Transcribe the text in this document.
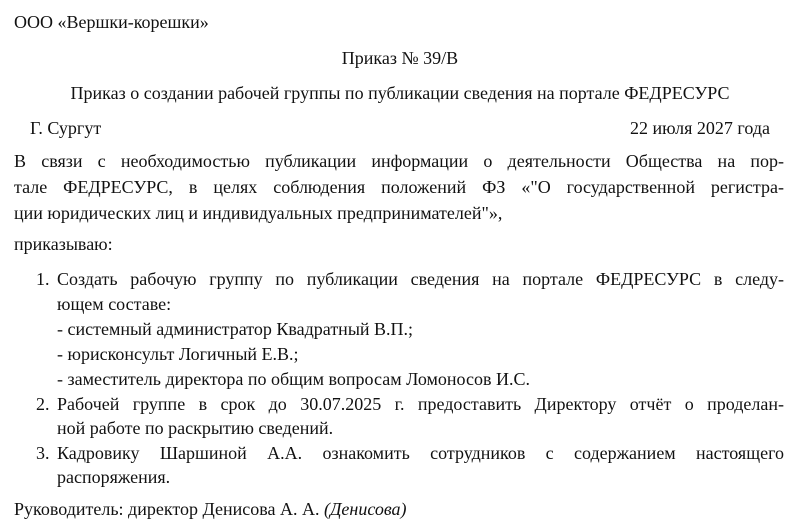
ООО «Вершки-корешки»
Приказ № 39/В
Приказ о создании рабочей группы по публикации сведения на портале ФЕДРЕСУРС
Г. Сургут	22 июля 2027 года
В связи с необходимостью публикации информации о деятельности Общества на пор-
тале ФЕДРЕСУРС, в целях соблюдения положений ФЗ «"О государственной регистра-
ции юридических лиц и индивидуальных предпринимателей"»,
приказываю:
1. Создать рабочую группу по публикации сведения на портале ФЕДРЕСУРС в следу-
ющем составе:
- системный администратор Квадратный В.П.;
- юрисконсульт Логичный Е.В.;
- заместитель директора по общим вопросам Ломоносов И.С.
2. Рабочей группе в срок до 30.07.2025 г. предоставить Директору отчёт о проделан-
ной работе по раскрытию сведений.
3. Кадровику Шаршиной А.А. ознакомить сотрудников с содержанием настоящего
распоряжения.
Руководитель: директор Денисова А. А. (Денисова)
